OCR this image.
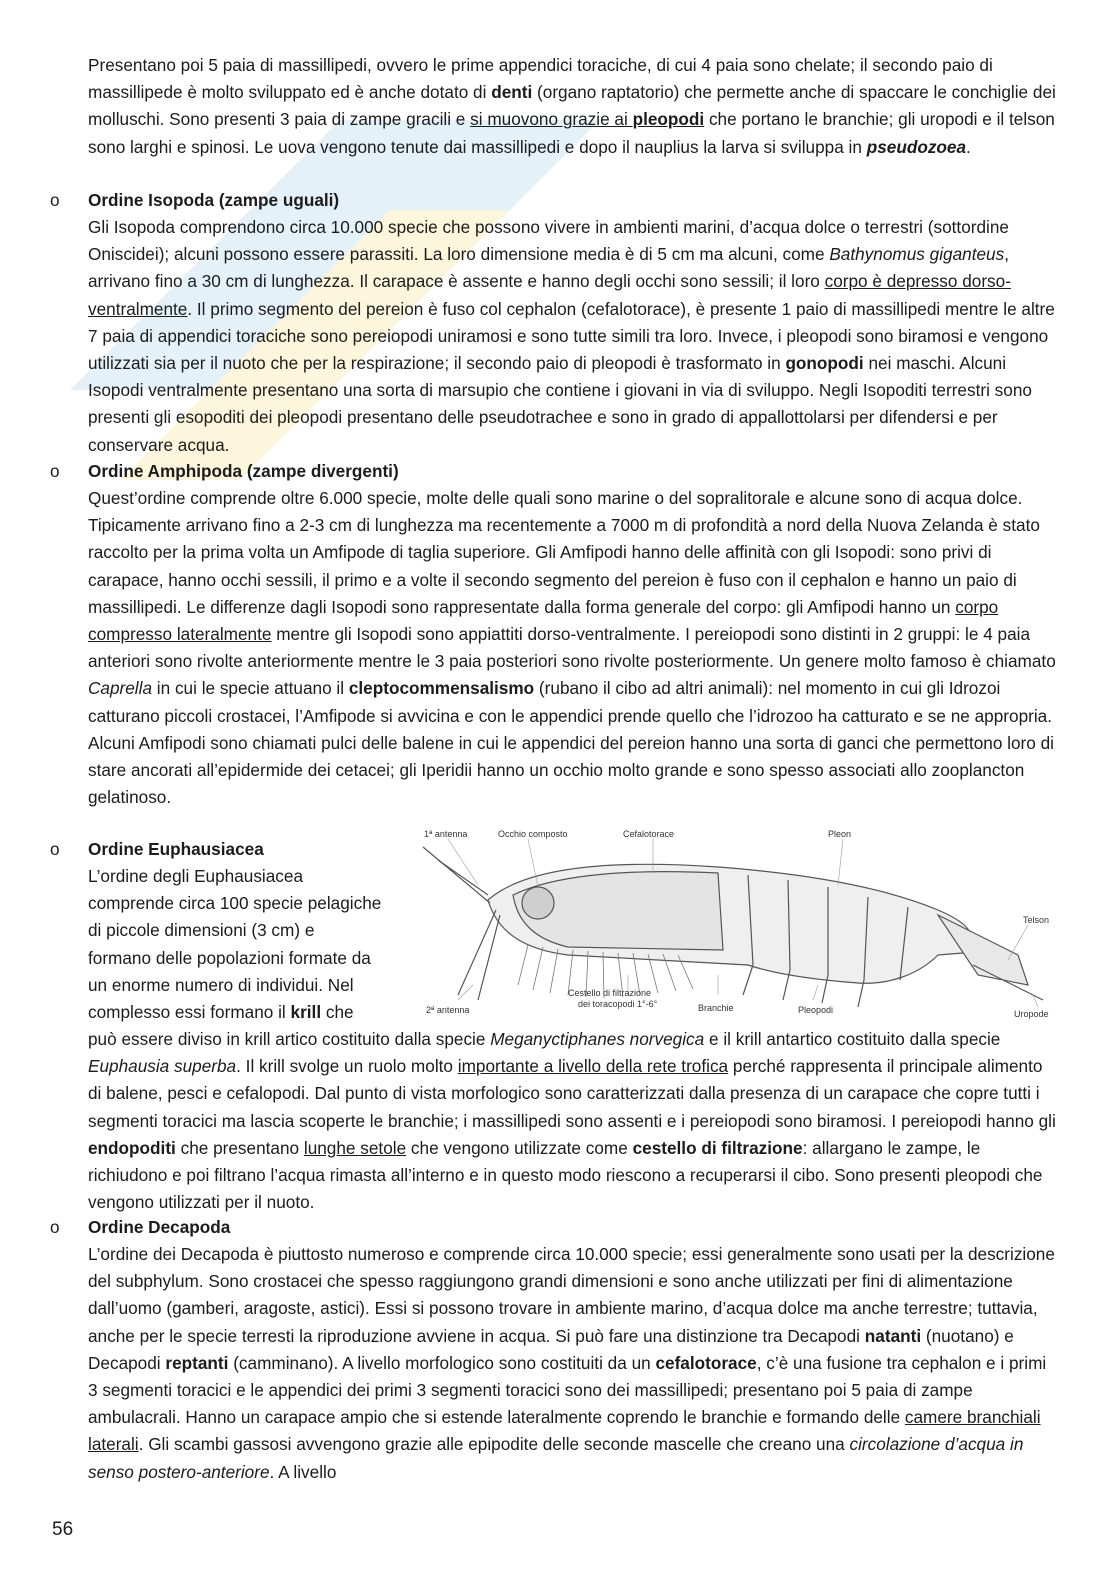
Presentano poi 5 paia di massillipedi, ovvero le prime appendici toraciche, di cui 4 paia sono chelate; il secondo paio di massillipede è molto sviluppato ed è anche dotato di denti (organo raptatorio) che permette anche di spaccare le conchiglie dei molluschi. Sono presenti 3 paia di zampe gracili e si muovono grazie ai pleopodi che portano le branchie; gli uropodi e il telson sono larghi e spinosi. Le uova vengono tenute dai massillipedi e dopo il nauplius la larva si sviluppa in pseudozoea.

o	Ordine Isopoda (zampe uguali)

Gli Isopoda comprendono circa 10.000 specie che possono vivere in ambienti marini, d’acqua dolce o terrestri (sottordine Oniscidei); alcuni possono essere parassiti. La loro dimensione media è di 5 cm ma alcuni, come Bathynomus giganteus, arrivano fino a 30 cm di lunghezza. Il carapace è assente e hanno degli occhi sono sessili; il loro corpo è depresso dorso-ventralmente. Il primo segmento del pereion è fuso col cephalon (cefalotorace), è presente 1 paio di massillipedi mentre le altre 7 paia di appendici toraciche sono pereiopodi uniramosi e sono tutte simili tra loro. Invece, i pleopodi sono biramosi e vengono utilizzati sia per il nuoto che per la respirazione; il secondo paio di pleopodi è trasformato in gonopodi nei maschi. Alcuni Isopodi ventralmente presentano una sorta di marsupio che contiene i giovani in via di sviluppo. Negli Isopoditi terrestri sono presenti gli esopoditi dei pleopodi presentano delle pseudotrachee e sono in grado di appallottolarsi per difendersi e per conservare acqua.

o	Ordine Amphipoda (zampe divergenti)

Quest’ordine comprende oltre 6.000 specie, molte delle quali sono marine o del sopralitorale e alcune sono di acqua dolce. Tipicamente arrivano fino a 2-3 cm di lunghezza ma recentemente a 7000 m di profondità a nord della Nuova Zelanda è stato raccolto per la prima volta un Amfipode di taglia superiore. Gli Amfipodi hanno delle affinità con gli Isopodi: sono privi di carapace, hanno occhi sessili, il primo e a volte il secondo segmento del pereion è fuso con il cephalon e hanno un paio di massillipedi. Le differenze dagli Isopodi sono rappresentate dalla forma generale del corpo: gli Amfipodi hanno un corpo compresso lateralmente mentre gli Isopodi sono appiattiti dorso-ventralmente. I pereiopodi sono distinti in 2 gruppi: le 4 paia anteriori sono rivolte anteriormente mentre le 3 paia posteriori sono rivolte posteriormente. Un genere molto famoso è chiamato Caprella in cui le specie attuano il cleptocommensalismo (rubano il cibo ad altri animali): nel momento in cui gli Idrozoi catturano piccoli crostacei, l’Amfipode si avvicina e con le appendici prende quello che l’idrozoo ha catturato e se ne appropria. Alcuni Amfipodi sono chiamati pulci delle balene in cui le appendici del pereion hanno una sorta di ganci che permettono loro di stare ancorati all’epidermide dei cetacei; gli Iperidii hanno un occhio molto grande e sono spesso associati allo zooplancton gelatinoso.

o	Ordine Euphausiacea
L’ordine degli Euphausiacea
comprende circa 100 specie pelagiche
di piccole dimensioni (3 cm) e
formano delle popolazioni formate da
un enorme numero di individui. Nel
complesso essi formano il krill che
1ª antenna	Occhio composto	Cefalotorace	Pleon
Telson
2ª antenna
Cestello di filtrazione
dei toracopodi 1°-6°	Branchie	Pleopodi	Uropode

può essere diviso in krill artico costituito dalla specie Meganyctiphanes norvegica e il krill antartico costituito dalla specie Euphausia superba. Il krill svolge un ruolo molto importante a livello della rete trofica perché rappresenta il principale alimento di balene, pesci e cefalopodi. Dal punto di vista morfologico sono caratterizzati dalla presenza di un carapace che copre tutti i segmenti toracici ma lascia scoperte le branchie; i massillipedi sono assenti e i pereiopodi sono biramosi. I pereiopodi hanno gli endopoditi che presentano lunghe setole che vengono utilizzate come cestello di filtrazione: allargano le zampe, le richiudono e poi filtrano l’acqua rimasta all’interno e in questo modo riescono a recuperarsi il cibo. Sono presenti pleopodi che vengono utilizzati per il nuoto.

o	Ordine Decapoda

L’ordine dei Decapoda è piuttosto numeroso e comprende circa 10.000 specie; essi generalmente sono usati per la descrizione del subphylum. Sono crostacei che spesso raggiungono grandi dimensioni e sono anche utilizzati per fini di alimentazione dall’uomo (gamberi, aragoste, astici). Essi si possono trovare in ambiente marino, d’acqua dolce ma anche terrestre; tuttavia, anche per le specie terresti la riproduzione avviene in acqua. Si può fare una distinzione tra Decapodi natanti (nuotano) e Decapodi reptanti (camminano). A livello morfologico sono costituiti da un cefalotorace, c’è una fusione tra cephalon e i primi 3 segmenti toracici e le appendici dei primi 3 segmenti toracici sono dei massillipedi; presentano poi 5 paia di zampe ambulacrali. Hanno un carapace ampio che si estende lateralmente coprendo le branchie e formando delle camere branchiali laterali. Gli scambi gassosi avvengono grazie alle epipodite delle seconde mascelle che creano una circolazione d’acqua in senso postero-anteriore. A livello

56
